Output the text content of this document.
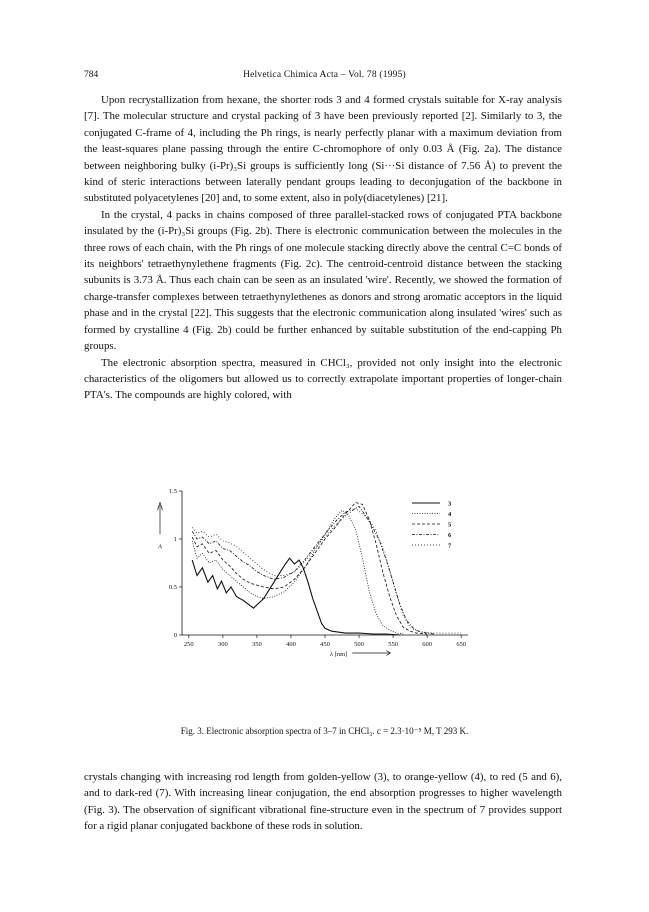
784	Helvetica Chimica Acta – Vol. 78 (1995)

Upon recrystallization from hexane, the shorter rods 3 and 4 formed crystals suitable for X-ray analysis [7]. The molecular structure and crystal packing of 3 have been previously reported [2]. Similarly to 3, the conjugated C-frame of 4, including the Ph rings, is nearly perfectly planar with a maximum deviation from the least-squares plane passing through the entire C-chromophore of only 0.03 Å (Fig. 2a). The distance between neighboring bulky (i-Pr)₃Si groups is sufficiently long (Si···Si distance of 7.56 Å) to prevent the kind of steric interactions between laterally pendant groups leading to deconjugation of the backbone in substituted polyacetylenes [20] and, to some extent, also in poly(diacetylenes) [21].

In the crystal, 4 packs in chains composed of three parallel-stacked rows of conjugated PTA backbone insulated by the (i-Pr)₃Si groups (Fig. 2b). There is electronic communication between the molecules in the three rows of each chain, with the Ph rings of one molecule stacking directly above the central C=C bonds of its neighbors' tetraethynylethene fragments (Fig. 2c). The centroid-centroid distance between the stacking subunits is 3.73 Å. Thus each chain can be seen as an insulated 'wire'. Recently, we showed the formation of charge-transfer complexes between tetraethynylethenes as donors and strong aromatic acceptors in the liquid phase and in the crystal [22]. This suggests that the electronic communication along insulated 'wires' such as formed by crystalline 4 (Fig. 2b) could be further enhanced by suitable substitution of the end-capping Ph groups.

The electronic absorption spectra, measured in CHCl₃, provided not only insight into the electronic characteristics of the oligomers but allowed us to correctly extrapolate important properties of longer-chain PTA's. The compounds are highly colored, with

250	300	350	400	450	500	550	600	650
0
0.5
1
1.5
A
λ [nm]
3
4
5
6
7
Fig. 3. Electronic absorption spectra of 3–7 in CHCl₃. c = 2.3·10⁻⁵ M, T 293 K.

crystals changing with increasing rod length from golden-yellow (3), to orange-yellow (4), to red (5 and 6), and to dark-red (7). With increasing linear conjugation, the end absorption progresses to higher wavelength (Fig. 3). The observation of significant vibrational fine-structure even in the spectrum of 7 provides support for a rigid planar conjugated backbone of these rods in solution.
